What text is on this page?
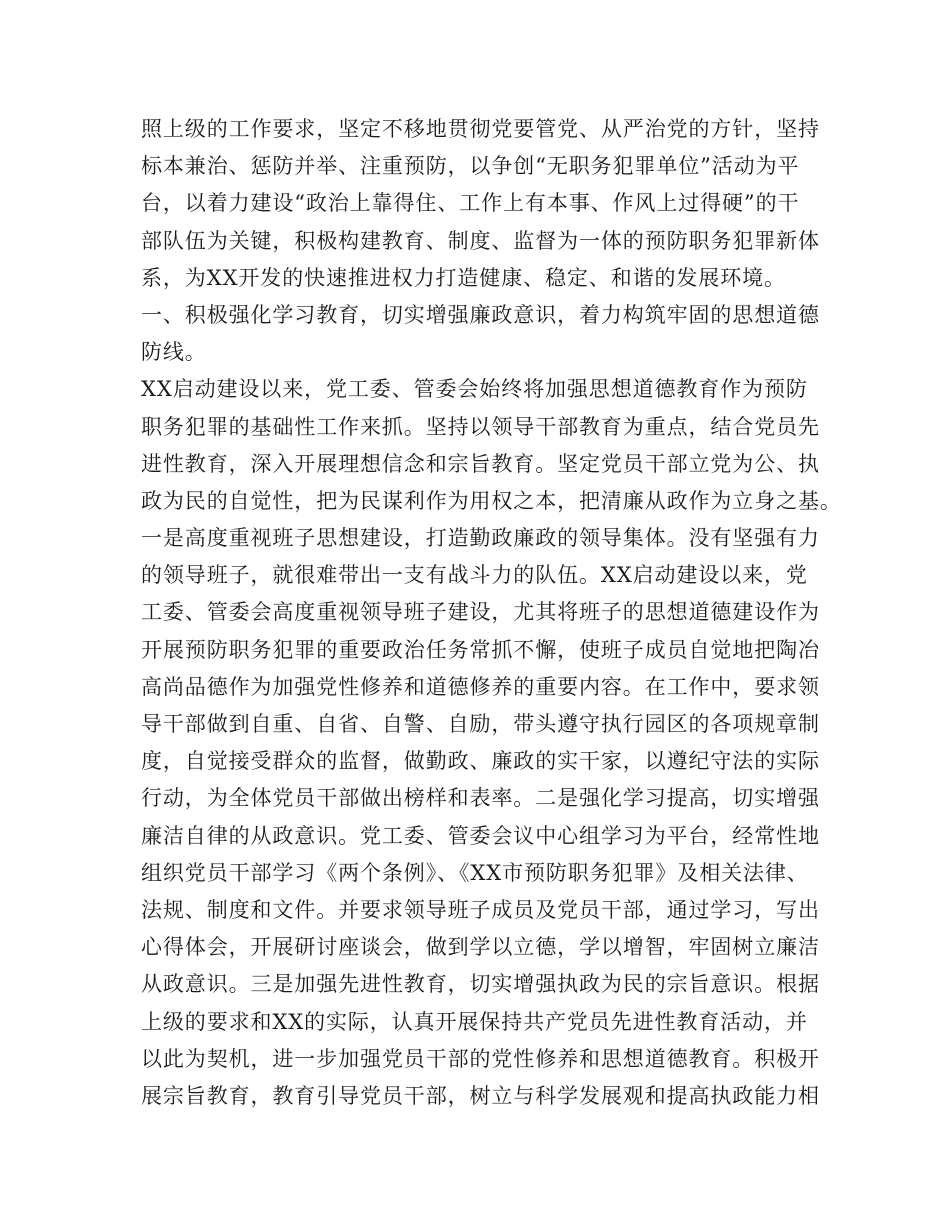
照上级的工作要求，坚定不移地贯彻党要管党、从严治党的方针，坚持
标本兼治、惩防并举、注重预防，以争创“无职务犯罪单位”活动为平
台，以着力建设“政治上靠得住、工作上有本事、作风上过得硬”的干
部队伍为关键，积极构建教育、制度、监督为一体的预防职务犯罪新体
系，为XX开发的快速推进权力打造健康、稳定、和谐的发展环境。
一、积极强化学习教育，切实增强廉政意识，着力构筑牢固的思想道德
防线。
XX启动建设以来，党工委、管委会始终将加强思想道德教育作为预防
职务犯罪的基础性工作来抓。坚持以领导干部教育为重点，结合党员先
进性教育，深入开展理想信念和宗旨教育。坚定党员干部立党为公、执
政为民的自觉性，把为民谋利作为用权之本，把清廉从政作为立身之基。
一是高度重视班子思想建设，打造勤政廉政的领导集体。没有坚强有力
的领导班子，就很难带出一支有战斗力的队伍。XX启动建设以来，党
工委、管委会高度重视领导班子建设，尤其将班子的思想道德建设作为
开展预防职务犯罪的重要政治任务常抓不懈，使班子成员自觉地把陶冶
高尚品德作为加强党性修养和道德修养的重要内容。在工作中，要求领
导干部做到自重、自省、自警、自励，带头遵守执行园区的各项规章制
度，自觉接受群众的监督，做勤政、廉政的实干家，以遵纪守法的实际
行动，为全体党员干部做出榜样和表率。二是强化学习提高，切实增强
廉洁自律的从政意识。党工委、管委会议中心组学习为平台，经常性地
组织党员干部学习《两个条例》、《XX市预防职务犯罪》及相关法律、
法规、制度和文件。并要求领导班子成员及党员干部，通过学习，写出
心得体会，开展研讨座谈会，做到学以立德，学以增智，牢固树立廉洁
从政意识。三是加强先进性教育，切实增强执政为民的宗旨意识。根据
上级的要求和XX的实际，认真开展保持共产党员先进性教育活动，并
以此为契机，进一步加强党员干部的党性修养和思想道德教育。积极开
展宗旨教育，教育引导党员干部，树立与科学发展观和提高执政能力相
